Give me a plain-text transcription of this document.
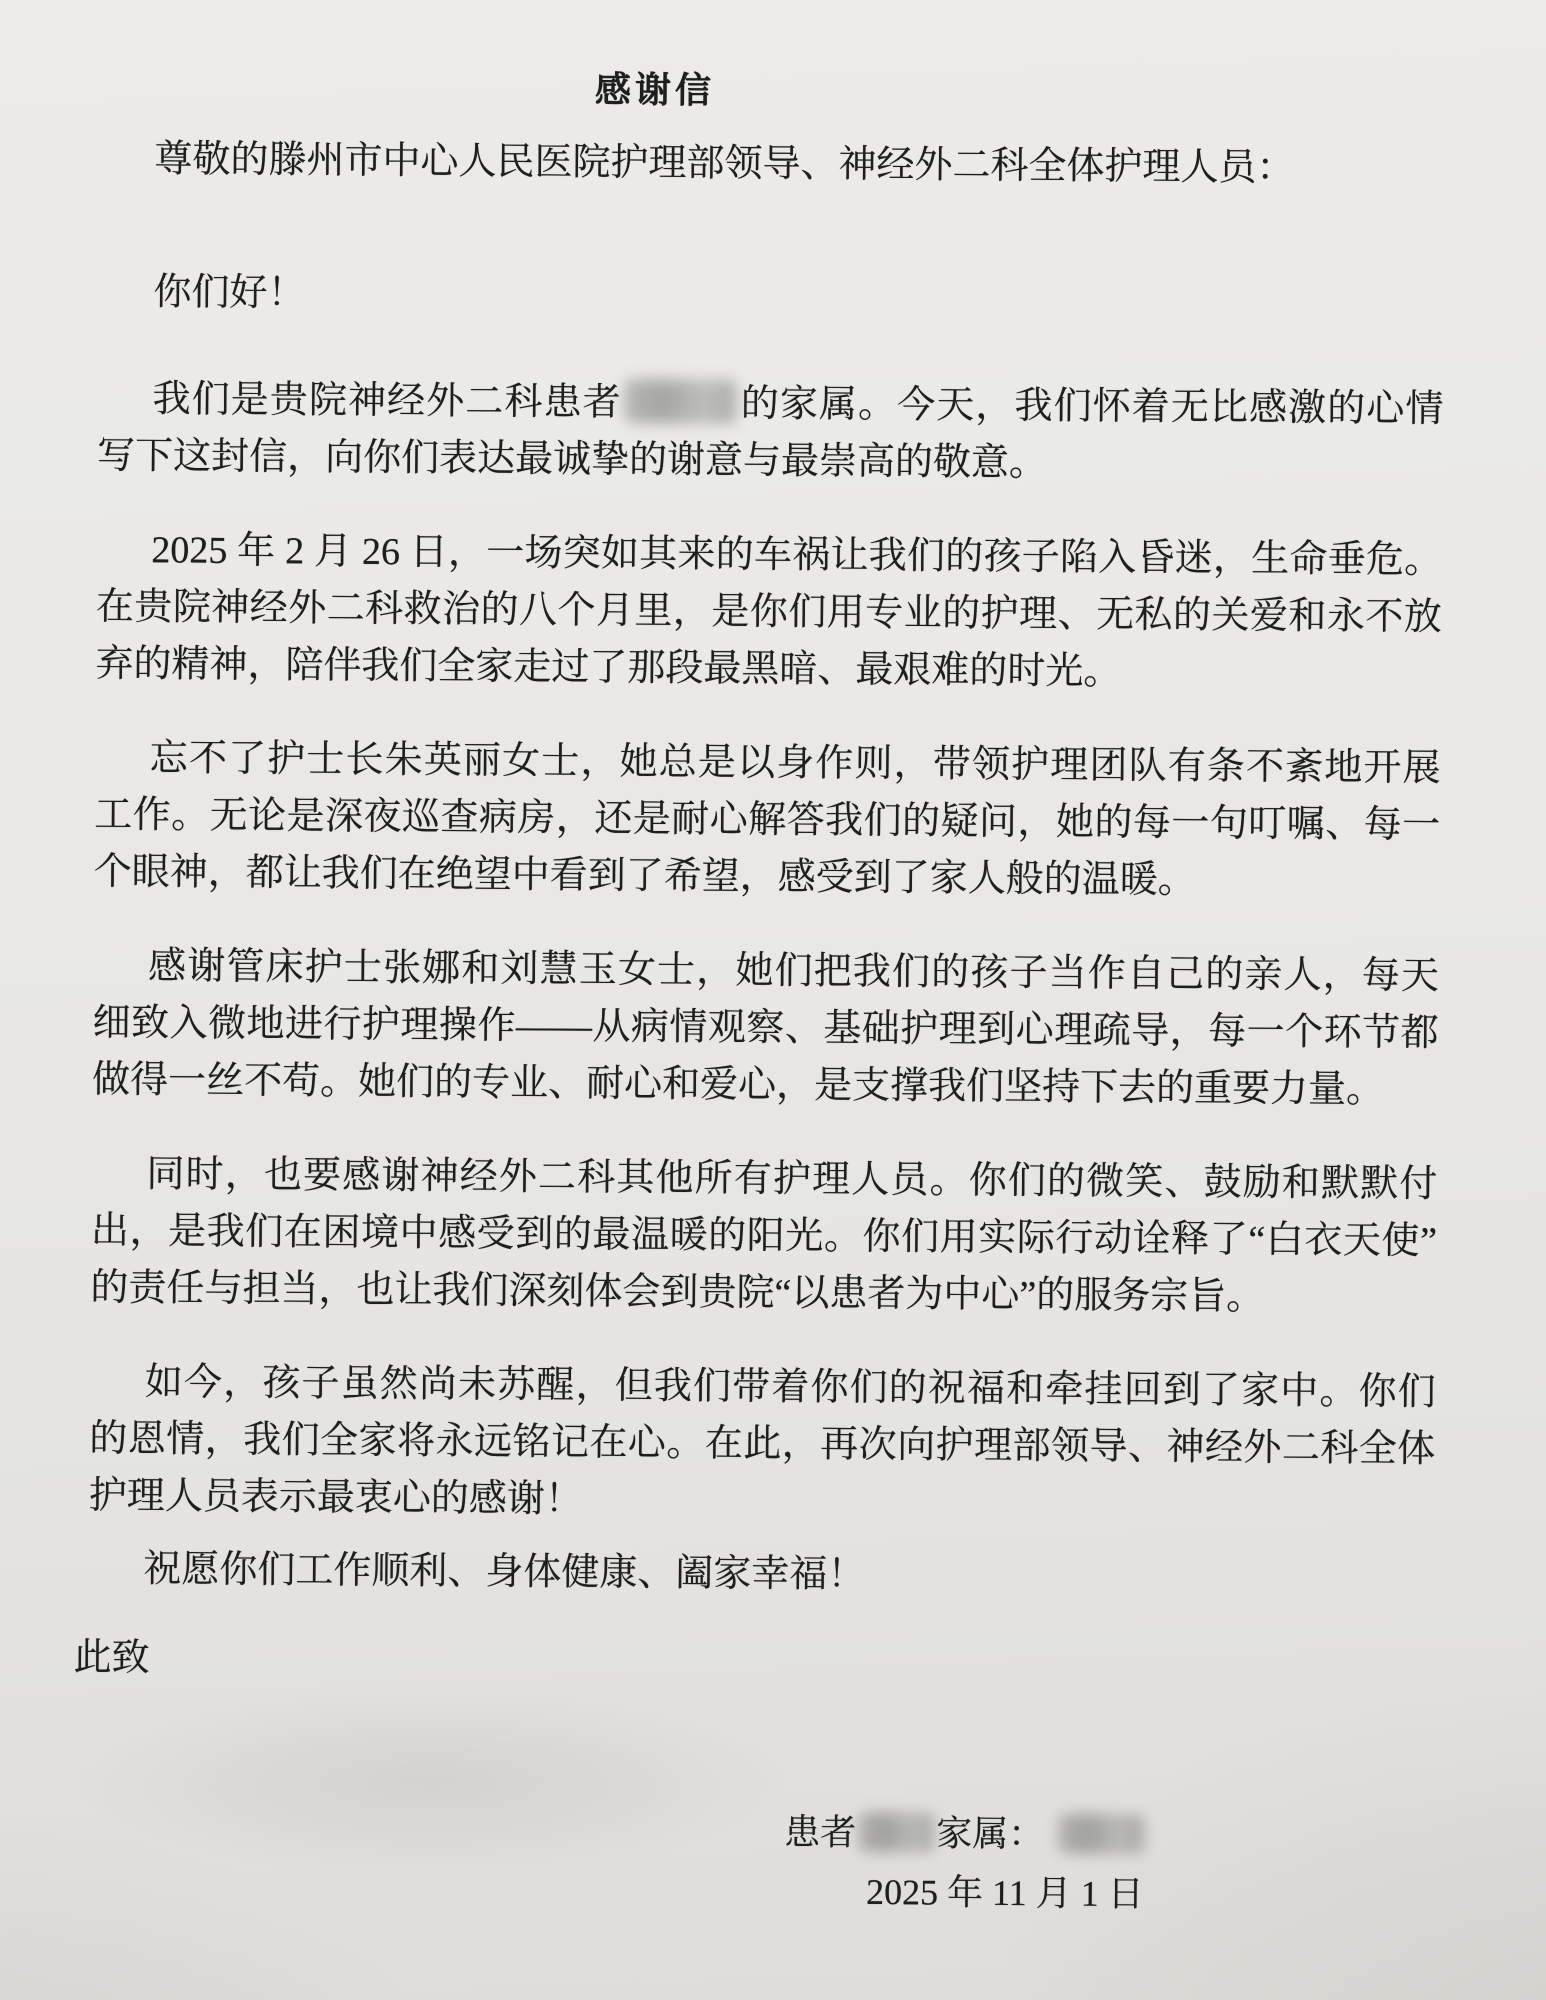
感谢信

尊敬的滕州市中心人民医院护理部领导、神经外二科全体护理人员：

你们好！

我们是贵院神经外二科患者	的家属。今天，我们怀着无比感激的心情写下这封信，向你们表达最诚挚的谢意与最崇高的敬意。

2025 年 2 月 26 日，一场突如其来的车祸让我们的孩子陷入昏迷，生命垂危。在贵院神经外二科救治的八个月里，是你们用专业的护理、无私的关爱和永不放弃的精神，陪伴我们全家走过了那段最黑暗、最艰难的时光。

忘不了护士长朱英丽女士，她总是以身作则，带领护理团队有条不紊地开展工作。无论是深夜巡查病房，还是耐心解答我们的疑问，她的每一句叮嘱、每一个眼神，都让我们在绝望中看到了希望，感受到了家人般的温暖。

感谢管床护士张娜和刘慧玉女士，她们把我们的孩子当作自己的亲人，每天细致入微地进行护理操作——从病情观察、基础护理到心理疏导，每一个环节都做得一丝不苟。她们的专业、耐心和爱心，是支撑我们坚持下去的重要力量。

同时，也要感谢神经外二科其他所有护理人员。你们的微笑、鼓励和默默付出，是我们在困境中感受到的最温暖的阳光。你们用实际行动诠释了“白衣天使”的责任与担当，也让我们深刻体会到贵院“以患者为中心”的服务宗旨。

如今，孩子虽然尚未苏醒，但我们带着你们的祝福和牵挂回到了家中。你们的恩情，我们全家将永远铭记在心。在此，再次向护理部领导、神经外二科全体护理人员表示最衷心的感谢！

祝愿你们工作顺利、身体健康、阖家幸福！

此致

患者 家属：

2025 年 11 月 1 日
